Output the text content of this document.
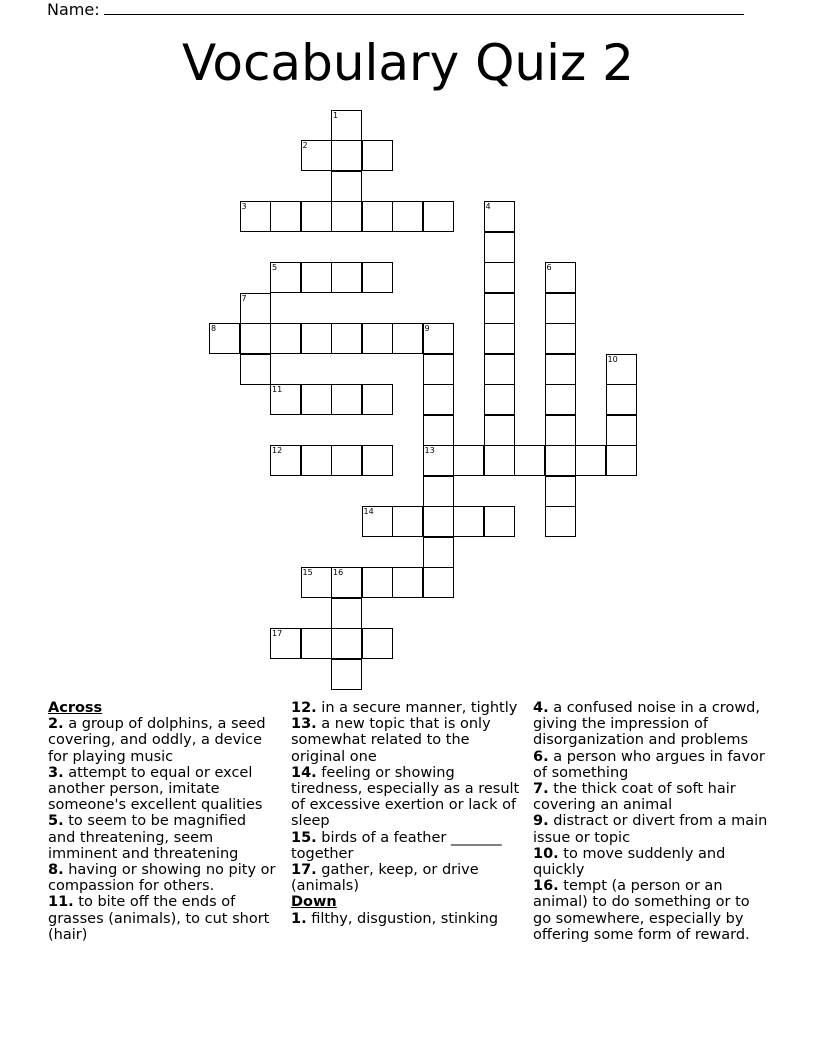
Name:
Vocabulary Quiz 2
1
2
3	4
5	6
7
8	9
10
11
12	13
14
15	16
17

Across

2. a group of dolphins, a seed covering, and oddly, a device for playing music

3. attempt to equal or excel another person, imitate someone's excellent qualities

5. to seem to be magnified and threatening, seem imminent and threatening

8. having or showing no pity or compassion for others.

11. to bite off the ends of grasses (animals), to cut short (hair)

12. in a secure manner, tightly

13. a new topic that is only somewhat related to the original one

14. feeling or showing tiredness, especially as a result of excessive exertion or lack of sleep

15. birds of a feather _______ together

17. gather, keep, or drive (animals)

Down

1. filthy, disgustion, stinking

4. a confused noise in a crowd, giving the impression of disorganization and problems

6. a person who argues in favor of something

7. the thick coat of soft hair covering an animal

9. distract or divert from a main issue or topic

10. to move suddenly and quickly

16. tempt (a person or an animal) to do something or to go somewhere, especially by offering some form of reward.
